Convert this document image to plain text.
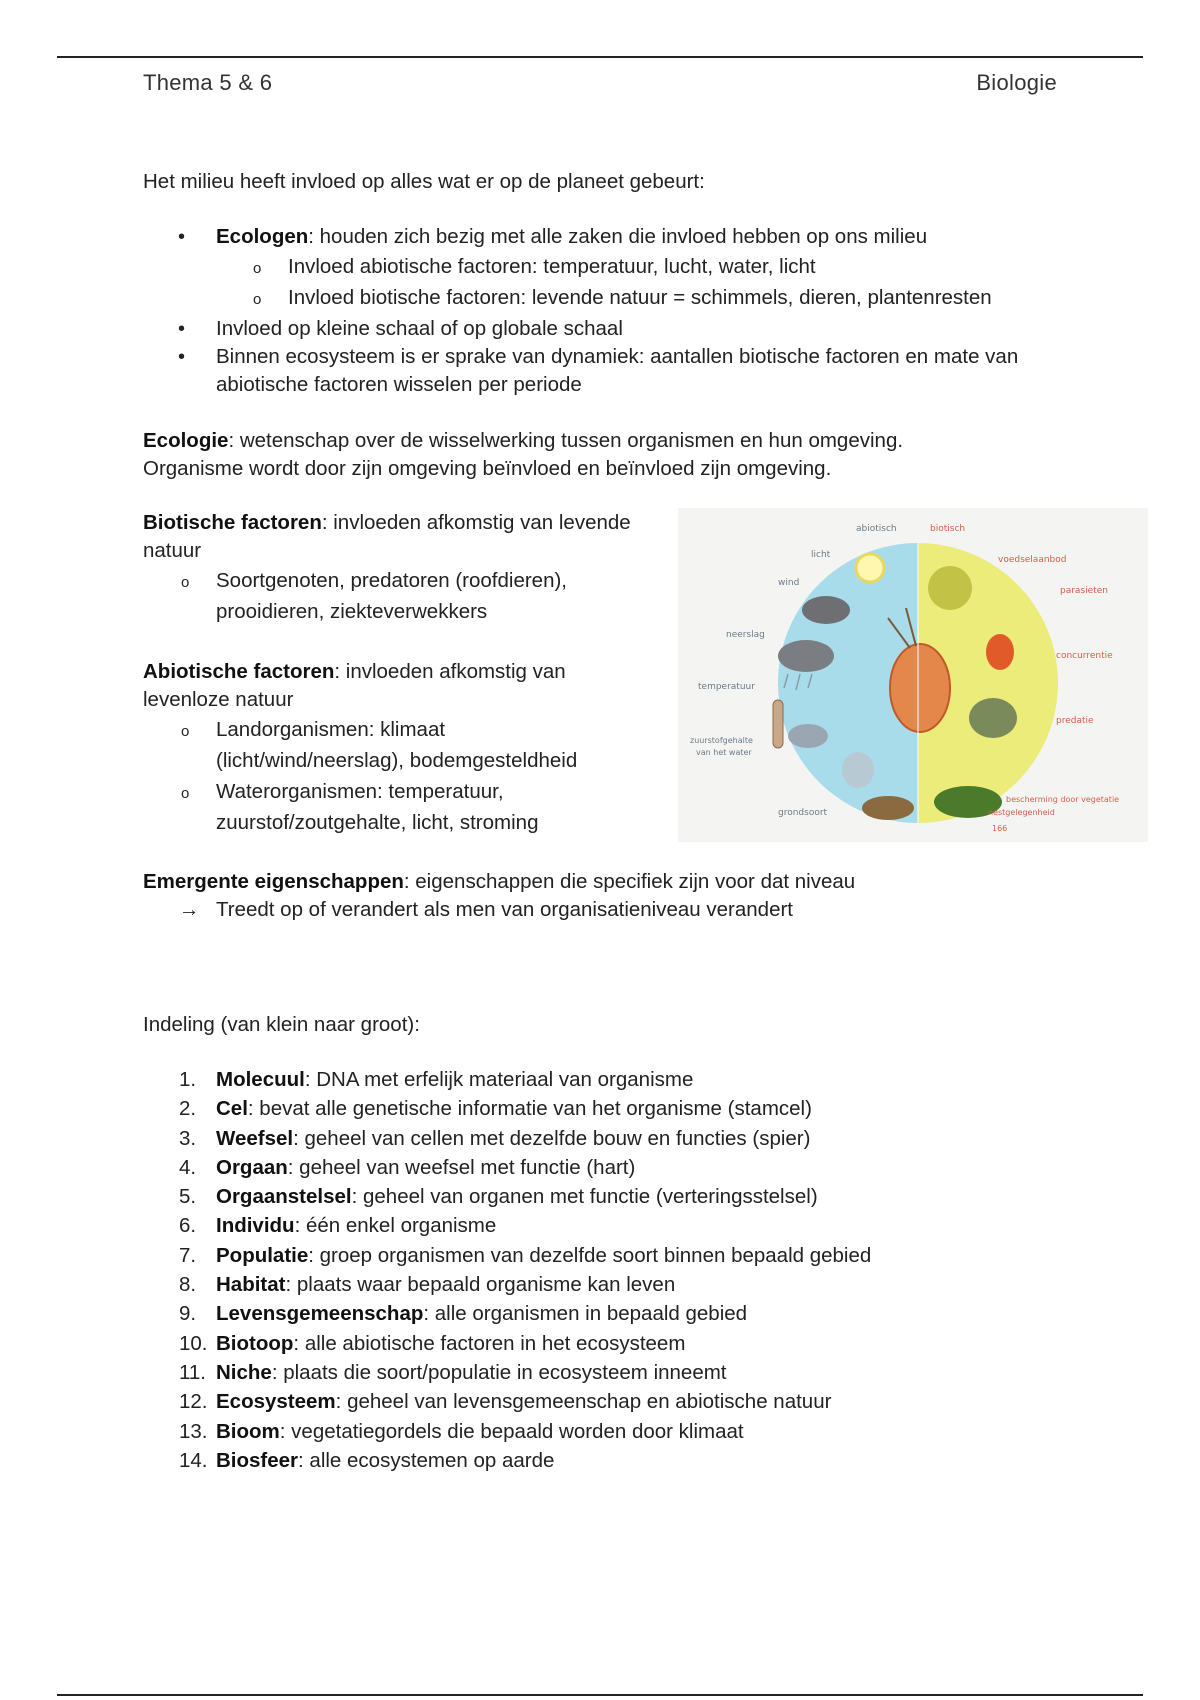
Thema 5 & 6	Biologie

Het milieu heeft invloed op alles wat er op de planeet gebeurt:

• Ecologen: houden zich bezig met alle zaken die invloed hebben op ons milieu
o Invloed abiotische factoren: temperatuur, lucht, water, licht
o Invloed biotische factoren: levende natuur = schimmels, dieren, plantenresten
• Invloed op kleine schaal of op globale schaal
• Binnen ecosysteem is er sprake van dynamiek: aantallen biotische factoren en mate van abiotische factoren wisselen per periode

Ecologie: wetenschap over de wisselwerking tussen organismen en hun omgeving.

Organisme wordt door zijn omgeving beïnvloed en beïnvloed zijn omgeving.

Biotische factoren: invloeden afkomstig van levende natuur

o Soortgenoten, predatoren (roofdieren), prooidieren, ziekteverwekkers

Abiotische factoren: invloeden afkomstig van levenloze natuur

o Landorganismen: klimaat (licht/wind/neerslag), bodemgesteldheid
o Waterorganismen: temperatuur, zuurstof/zoutgehalte, licht, stroming
abiotisch	biotisch
licht
wind
neerslag
temperatuur
zuurstofgehalte
van het water
grondsoort
voedselaanbod
parasieten
concurrentie
predatie
bescherming door vegetatie
nestgelegenheid
166

Emergente eigenschappen: eigenschappen die specifiek zijn voor dat niveau

→ Treedt op of verandert als men van organisatieniveau verandert

Indeling (van klein naar groot):

1. Molecuul: DNA met erfelijk materiaal van organisme
2. Cel: bevat alle genetische informatie van het organisme (stamcel)
3. Weefsel: geheel van cellen met dezelfde bouw en functies (spier)
4. Orgaan: geheel van weefsel met functie (hart)
5. Orgaanstelsel: geheel van organen met functie (verteringsstelsel)
6. Individu: één enkel organisme
7. Populatie: groep organismen van dezelfde soort binnen bepaald gebied
8. Habitat: plaats waar bepaald organisme kan leven
9. Levensgemeenschap: alle organismen in bepaald gebied
10. Biotoop: alle abiotische factoren in het ecosysteem
11. Niche: plaats die soort/populatie in ecosysteem inneemt
12. Ecosysteem: geheel van levensgemeenschap en abiotische natuur
13. Bioom: vegetatiegordels die bepaald worden door klimaat
14. Biosfeer: alle ecosystemen op aarde
